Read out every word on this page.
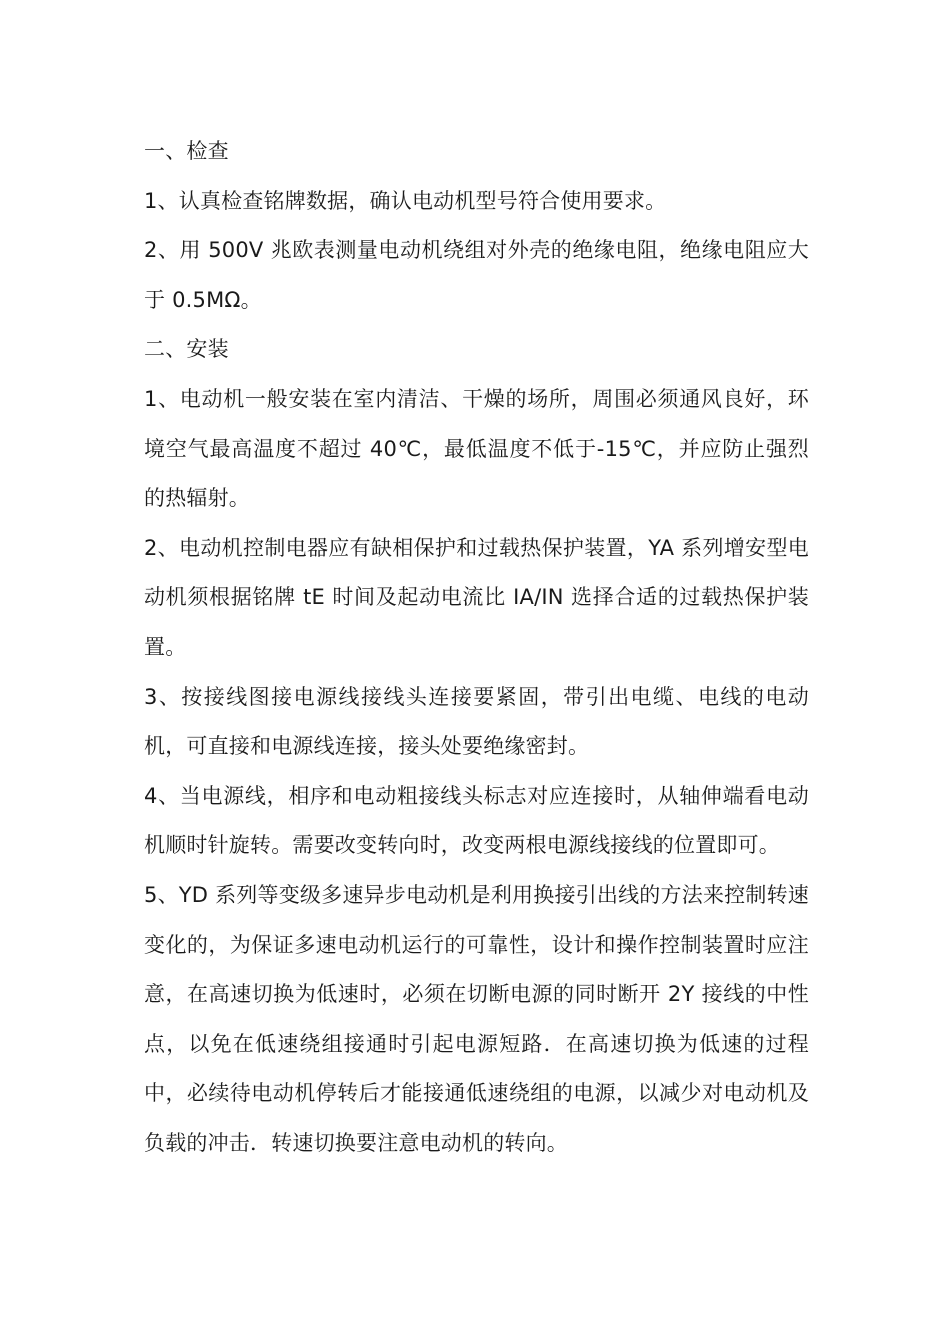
一、检查

1、认真检查铭牌数据，确认电动机型号符合使用要求。

2、用 500V 兆欧表测量电动机绕组对外壳的绝缘电阻，绝缘电阻应大于 0.5MΩ。

二、安装

1、电动机一般安装在室内清洁、干燥的场所，周围必须通风良好，环境空气最高温度不超过 40℃，最低温度不低于-15℃，并应防止强烈的热辐射。

2、电动机控制电器应有缺相保护和过载热保护装置，YA 系列增安型电动机须根据铭牌 tE 时间及起动电流比 IA/IN 选择合适的过载热保护装置。

3、按接线图接电源线接线头连接要紧固，带引出电缆、电线的电动机，可直接和电源线连接，接头处要绝缘密封。

4、当电源线，相序和电动粗接线头标志对应连接时，从轴伸端看电动机顺时针旋转。需要改变转向时，改变两根电源线接线的位置即可。

5、YD 系列等变级多速异步电动机是利用换接引出线的方法来控制转速变化的，为保证多速电动机运行的可靠性，设计和操作控制装置时应注意，在高速切换为低速时，必须在切断电源的同时断开 2Y 接线的中性点，以免在低速绕组接通时引起电源短路．在高速切换为低速的过程中，必续待电动机停转后才能接通低速绕组的电源，以减少对电动机及负载的冲击．转速切换要注意电动机的转向。
